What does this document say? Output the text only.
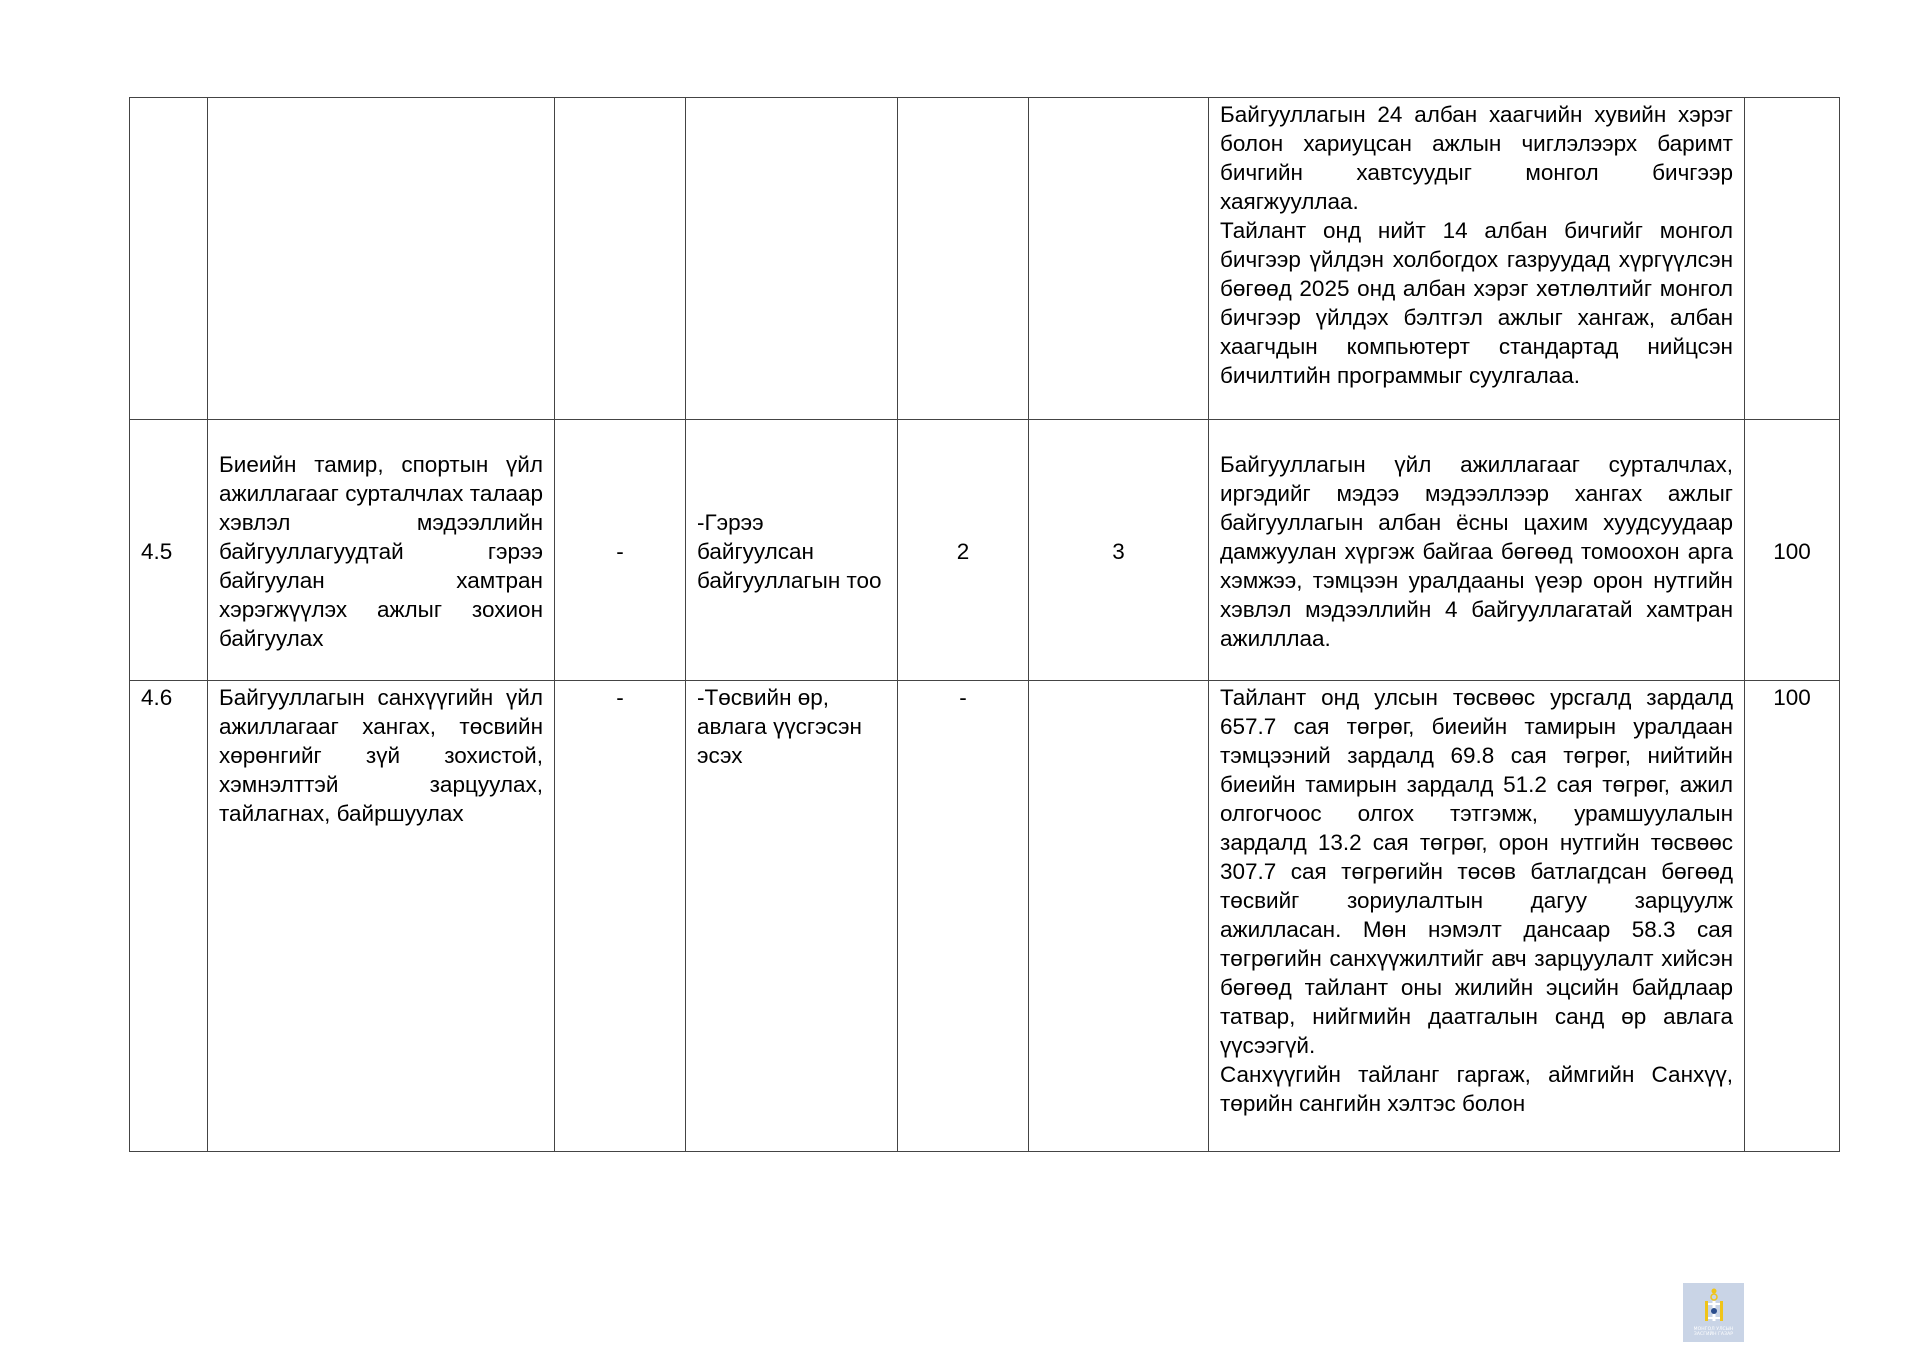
						Байгууллагын 24 албан хаагчийн хувийн хэрэг болон хариуцсан ажлын чиглэлээрх баримт бичгийн хавтсуудыг монгол бичгээр хаягжууллаа.
Тайлант онд нийт 14 албан бичгийг монгол бичгээр үйлдэн холбогдох газруудад хүргүүлсэн бөгөөд 2025 онд албан хэрэг хөтлөлтийг монгол бичгээр үйлдэх бэлтгэл ажлыг хангаж, албан хаагчдын компьютерт стандартад нийцсэн бичилтийн программыг суулгалаа.	

4.5	Биеийн тамир, спортын үйл ажиллагааг сурталчлах талаар хэвлэл мэдээллийн байгууллагуудтай гэрээ байгуулан хамтран хэрэгжүүлэх ажлыг зохион байгуулах	-	-Гэрээ байгуулсан байгууллагын тоо	2	3	Байгууллагын үйл ажиллагааг сурталчлах, иргэдийг мэдээ мэдээллээр хангах ажлыг байгууллагын албан ёсны цахим хуудсуудаар дамжуулан хүргэж байгаа бөгөөд томоохон арга хэмжээ, тэмцээн уралдааны үеэр орон нутгийн хэвлэл мэдээллийн 4 байгууллагатай хамтран ажилллаа.	100
4.6	Байгууллагын санхүүгийн үйл ажиллагааг хангах, төсвийн хөрөнгийг зүй зохистой, хэмнэлттэй зарцуулах, тайлагнах, байршуулах	-	-Төсвийн өр, авлага үүсгэсэн эсэх	-		Тайлант онд улсын төсвөөс урсгалд зардалд 657.7 сая төгрөг, биеийн тамирын уралдаан тэмцээний зардалд 69.8 сая төгрөг, нийтийн биеийн тамирын зардалд 51.2 сая төгрөг, ажил олгогчоос олгох тэтгэмж, урамшуулалын зардалд 13.2 сая төгрөг, орон нутгийн төсвөөс 307.7 сая төгрөгийн төсөв батлагдсан бөгөөд төсвийг зориулалтын дагуу зарцуулж ажилласан. Мөн нэмэлт дансаар 58.3 сая төгрөгийн санхүүжилтийг авч зарцуулалт хийсэн бөгөөд тайлант оны жилийн эцсийн байдлаар татвар, нийгмийн даатгалын санд өр авлага үүсээгүй.
Санхүүгийн тайланг гаргаж, аймгийн Санхүү, төрийн сангийн хэлтэс болон	100
МОНГОЛ УЛСЫН
ЗАСГИЙН ГАЗАР
